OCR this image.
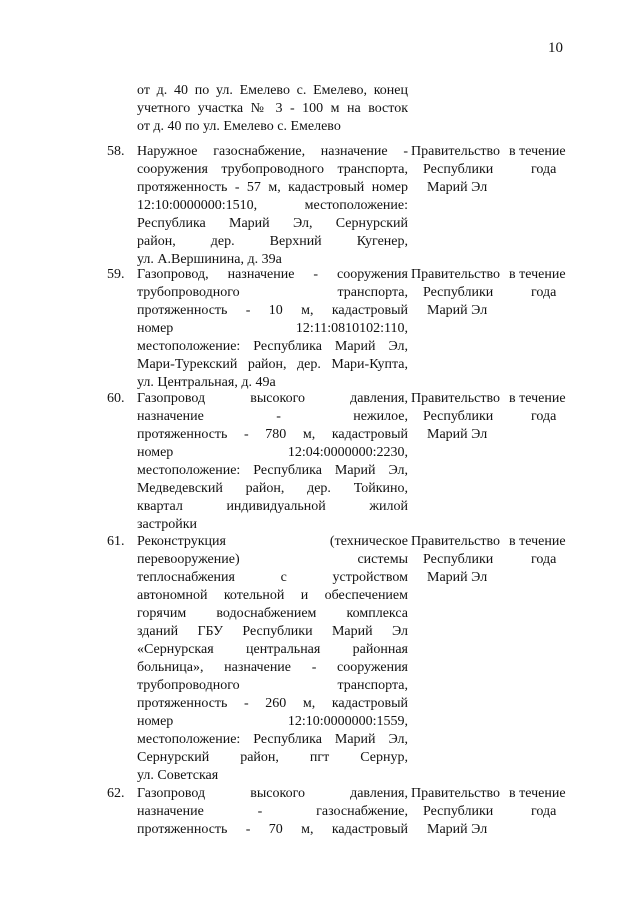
10
от д. 40 по ул. Емелево с. Емелево, конец
учетного участка № 3 - 100 м на восток
от д. 40 по ул. Емелево с. Емелево
58. Наружное газоснабжение, назначение -
сооружения трубопроводного транспорта,
протяженность - 57 м, кадастровый номер
12:10:0000000:1510, местоположение:
Республика Марий Эл, Сернурский
район, дер. Верхний Кугенер,
ул. А.Вершинина, д. 39а
Правительство
Республики
Марий Эл
в течение
года
59. Газопровод, назначение - сооружения
трубопроводного транспорта,
протяженность - 10 м, кадастровый
номер 12:11:0810102:110,
местоположение: Республика Марий Эл,
Мари-Турекский район, дер. Мари-Купта,
ул. Центральная, д. 49а
Правительство
Республики
Марий Эл
в течение
года
60. Газопровод высокого давления,
назначение - нежилое,
протяженность - 780 м, кадастровый
номер 12:04:0000000:2230,
местоположение: Республика Марий Эл,
Медведевский район, дер. Тойкино,
квартал индивидуальной жилой
застройки
Правительство
Республики
Марий Эл
в течение
года
61. Реконструкция (техническое
перевооружение) системы
теплоснабжения с устройством
автономной котельной и обеспечением
горячим водоснабжением комплекса
зданий ГБУ Республики Марий Эл
«Сернурская центральная районная
больница», назначение - сооружения
трубопроводного транспорта,
протяженность - 260 м, кадастровый
номер 12:10:0000000:1559,
местоположение: Республика Марий Эл,
Сернурский район, пгт Сернур,
ул. Советская
Правительство
Республики
Марий Эл
в течение
года
62. Газопровод высокого давления,
назначение - газоснабжение,
протяженность - 70 м, кадастровый
Правительство
Республики
Марий Эл
в течение
года
